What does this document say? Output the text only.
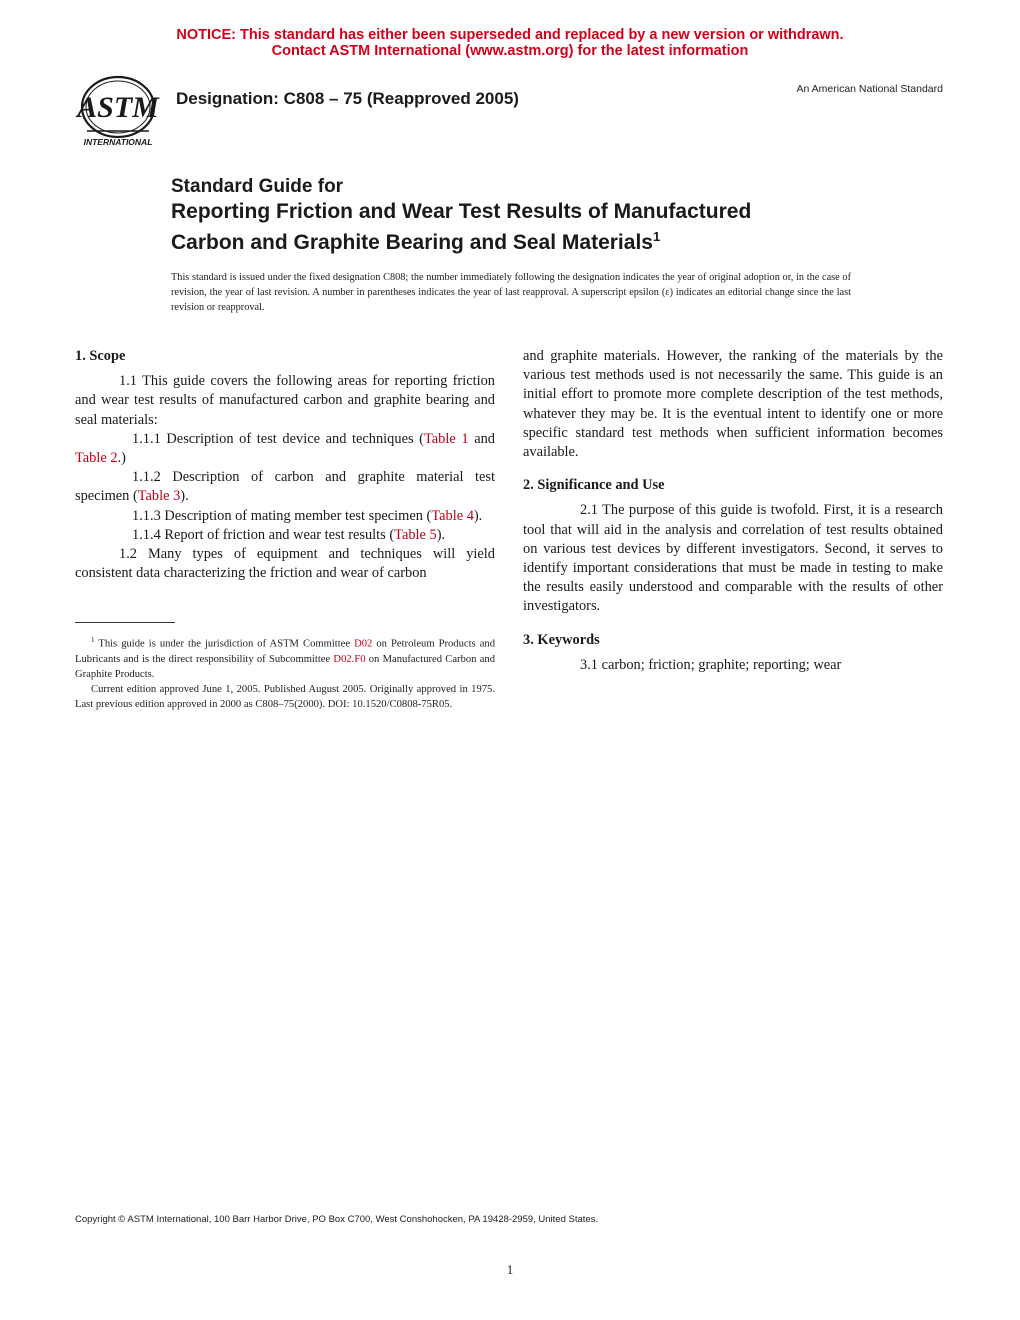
NOTICE: This standard has either been superseded and replaced by a new version or withdrawn.
Contact ASTM International (www.astm.org) for the latest information
ASTM
INTERNATIONAL
Designation: C808 – 75 (Reapproved 2005)	An American National Standard
Standard Guide for
Reporting Friction and Wear Test Results of Manufactured
Carbon and Graphite Bearing and Seal Materials$^1$
This standard is issued under the fixed designation C808; the number immediately following the designation indicates the year of original adoption or, in the case of revision, the year of last revision. A number in parentheses indicates the year of last reapproval. A superscript epsilon (ε) indicates an editorial change since the last revision or reapproval.
1. Scope

1.1 This guide covers the following areas for reporting friction and wear test results of manufactured carbon and graphite bearing and seal materials:

1.1.1 Description of test device and techniques (Table 1 and Table 2.)

1.1.2 Description of carbon and graphite material test specimen (Table 3).

1.1.3 Description of mating member test specimen (Table 4).

1.1.4 Report of friction and wear test results (Table 5).

1.2 Many types of equipment and techniques will yield consistent data characterizing the friction and wear of carbon

$^1$ This guide is under the jurisdiction of ASTM Committee D02 on Petroleum Products and Lubricants and is the direct responsibility of Subcommittee D02.F0 on Manufactured Carbon and Graphite Products.

Current edition approved June 1, 2005. Published August 2005. Originally approved in 1975. Last previous edition approved in 2000 as C808–75(2000). DOI: 10.1520/C0808-75R05.

and graphite materials. However, the ranking of the materials by the various test methods used is not necessarily the same. This guide is an initial effort to promote more complete description of the test methods, whatever they may be. It is the eventual intent to identify one or more specific standard test methods when sufficient information becomes available.

2. Significance and Use

2.1 The purpose of this guide is twofold. First, it is a research tool that will aid in the analysis and correlation of test results obtained on various test devices by different investigators. Second, it serves to identify important considerations that must be made in testing to make the results easily understood and comparable with the results of other investigators.

3. Keywords

3.1 carbon; friction; graphite; reporting; wear

Copyright © ASTM International, 100 Barr Harbor Drive, PO Box C700, West Conshohocken, PA 19428-2959, United States.
1
